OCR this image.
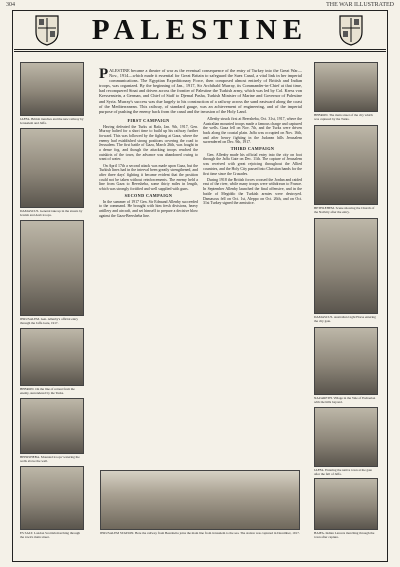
304	THE WAR ILLUSTRATED
PALESTINE
JAFFA. British trenches and the new railway by Jerusalem and Jaffa.
DAMASCUS. General take up in the streets by Jewish and Arab troops.
JERUSALEM. Gen. Allenby's official entry through the Jaffa Gate, 1917.
HEBRON. On the line of retreat from the enemy, surrendered by the Turks.
BEERSHEBA. Mounted troops' watering the wells above the well.
ES SALT. London Scottish marching through the town's main street.
HEBRON. The main street of the city which was captured by the Turks.
BETHLEHEM. Scene showing the Church of the Nativity after the entry.
DAMASCUS. Australian Light Horse entering the city gate.
NAZARETH. Village in the Vale of Esdraelon with the hills beyond.
JAFFA. Entering the native town at the gate after the fall of Jaffa.
HAIFA. Indian Lancers marching through the town after capture.

PALESTINE became a theatre of war as the eventual consequence of the entry of Turkey into the Great War—Nov., 1914—which made it essential for Great Britain to safeguard the Suez Canal, a vital link in her imperial communications. The Egyptian Expeditionary Force, then composed almost entirely of British and Indian troops, was organized. By the beginning of Jan., 1917, Sir Archibald Murray, its Commander-in-Chief at that time, had reconquered Sinai and driven across the frontier of Palestine the Turkish army, which was led by Col. Kress von Kressenstein, a German, and Chief of Staff to Djemal Pasha, Turkish Minister of Marine and Governor of Palestine and Syria. Murray's success was due largely to his construction of a railway across the sand eastward along the coast of the Mediterranean. This railway, of standard gauge, was an achievement of engineering, and of the imperial purpose of pushing the enemy back from the canal and the invasion of the Holy Land.

FIRST CAMPAIGN

Having defeated the Turks at Rafa, Jan. 9th, 1917, Gen. Murray halted for a short time to build up his railway further forward. This was followed by the fighting at Gaza, where the enemy had established strong positions covering the road to Jerusalem. The first battle of Gaza, March 26th, was fought in a dense fog, and though the attacking troops reached the outskirts of the town, the advance was abandoned owing to want of water.

On April 17th a second attack was made upon Gaza, but the Turkish lines had in the interval been greatly strengthened, and after three days' fighting it became evident that the position could not be taken without reinforcements. The enemy held a line from Gaza to Beersheba, some thirty miles in length, which was strongly fortified and well supplied with guns.

SECOND CAMPAIGN

In the summer of 1917 Gen. Sir Edmund Allenby succeeded to the command. He brought with him fresh divisions, heavy artillery and aircraft, and set himself to prepare a decisive blow against the Gaza-Beersheba line.

Allenby struck first at Beersheba, Oct. 31st, 1917, where the Australian mounted troops made a famous charge and captured the wells. Gaza fell on Nov. 7th, and the Turks were driven back along the coastal plain. Jaffa was occupied on Nov. 16th, and after heavy fighting in the Judaean hills Jerusalem surrendered on Dec. 9th, 1917.

THIRD CAMPAIGN

Gen. Allenby made his official entry into the city on foot through the Jaffa Gate on Dec. 11th. The capture of Jerusalem was received with great rejoicing throughout the Allied countries, and the Holy City passed into Christian hands for the first time since the Crusades.

During 1918 the British forces crossed the Jordan and raided east of the river, while many troops were withdrawn to France. In September Allenby launched the final offensive, and in the battle of Megiddo the Turkish armies were destroyed. Damascus fell on Oct. 1st, Aleppo on Oct. 26th, and on Oct. 31st Turkey signed the armistice.

JERUSALEM STATION. Here the railway from Beersheba joins the main line from Jerusalem to the sea. The station was captured in December, 1917.
